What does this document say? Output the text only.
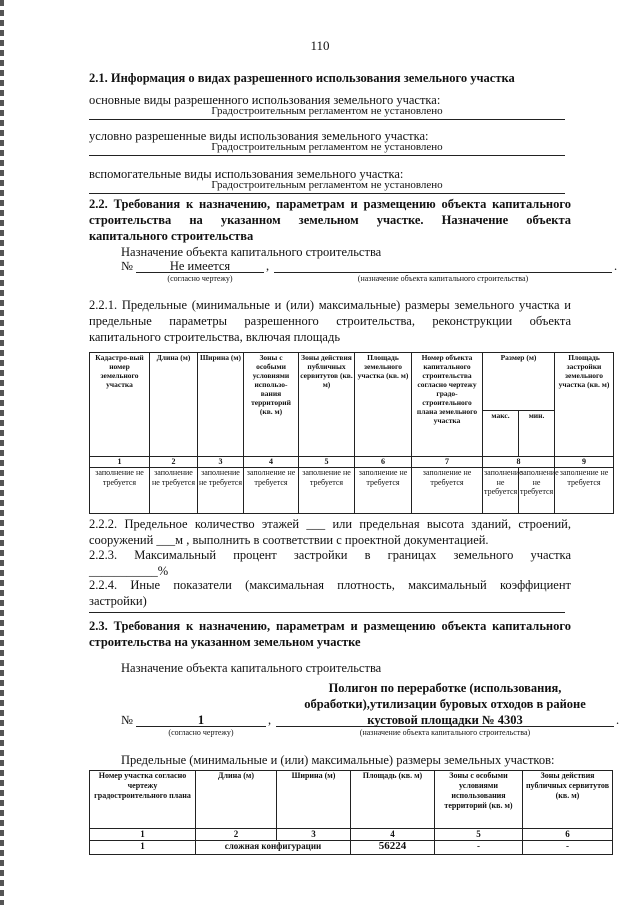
110
2.1. Информация о видах разрешенного использования земельного участка
основные виды разрешенного использования земельного участка:
Градостроительным регламентом не установлено
условно разрешенные виды использования земельного участка:
Градостроительным регламентом не установлено
вспомогательные виды использования земельного участка:
Градостроительным регламентом не установлено
2.2. Требования к назначению, параметрам и размещению объекта капитального
строительства на указанном земельном участке. Назначение объекта
капитального строительства
Назначение объекта капитального строительства
№	Не имеется	,	.
(согласно чертежу)	(назначение объекта капитального строительства)
2.2.1. Предельные (минимальные и (или) максимальные) размеры земельного участка и
предельные параметры разрешенного строительства, реконструкции объекта
капитального строительства, включая площадь
Кадастро-вый номер земельного участка	Длина (м)	Ширина (м)	Зоны с особыми условиями использо-вания территорий (кв. м)	Зоны действия публичных сервитутов (кв. м)	Площадь земельного участка (кв. м)	Номер объекта капитального строительства согласно чертежу градо-строительного плана земельного участка	Размер (м)		Площадь застройки земельного участка (кв. м)
							макс.	мин.	
1	2	3	4	5	6	7	8		9
заполнение не требуется	заполнение не требуется	заполнение не требуется	заполнение не требуется	заполнение не требуется	заполнение не требуется	заполнение не требуется	заполнение не требуется	заполнение не требуется	заполнение не требуется
2.2.2. Предельное количество этажей ___ или предельная высота зданий, строений,
сооружений ___м , выполнить в соответствии с проектной документацией.
2.2.3. Максимальный процент застройки в границах земельного участка
___________%
2.2.4. Иные показатели (максимальная плотность, максимальный коэффициент
застройки)
2.3. Требования к назначению, параметрам и размещению объекта капитального
строительства на указанном земельном участке
Назначение объекта капитального строительства
Полигон по переработке (использования,
обработки),утилизации буровых отходов в районе
№	1	,	кустовой площадки № 4303	.
(согласно чертежу)	(назначение объекта капитального строительства)
Предельные (минимальные и (или) максимальные) размеры земельных участков:
Номер участка согласно чертежу градостроительного плана	Длина (м)	Ширина (м)	Площадь (кв. м)	Зоны с особыми условиями использования территорий (кв. м)	Зоны действия публичных сервитутов (кв. м)
1	2	3	4	5	6
1	сложная конфигурации		56224	-	-
